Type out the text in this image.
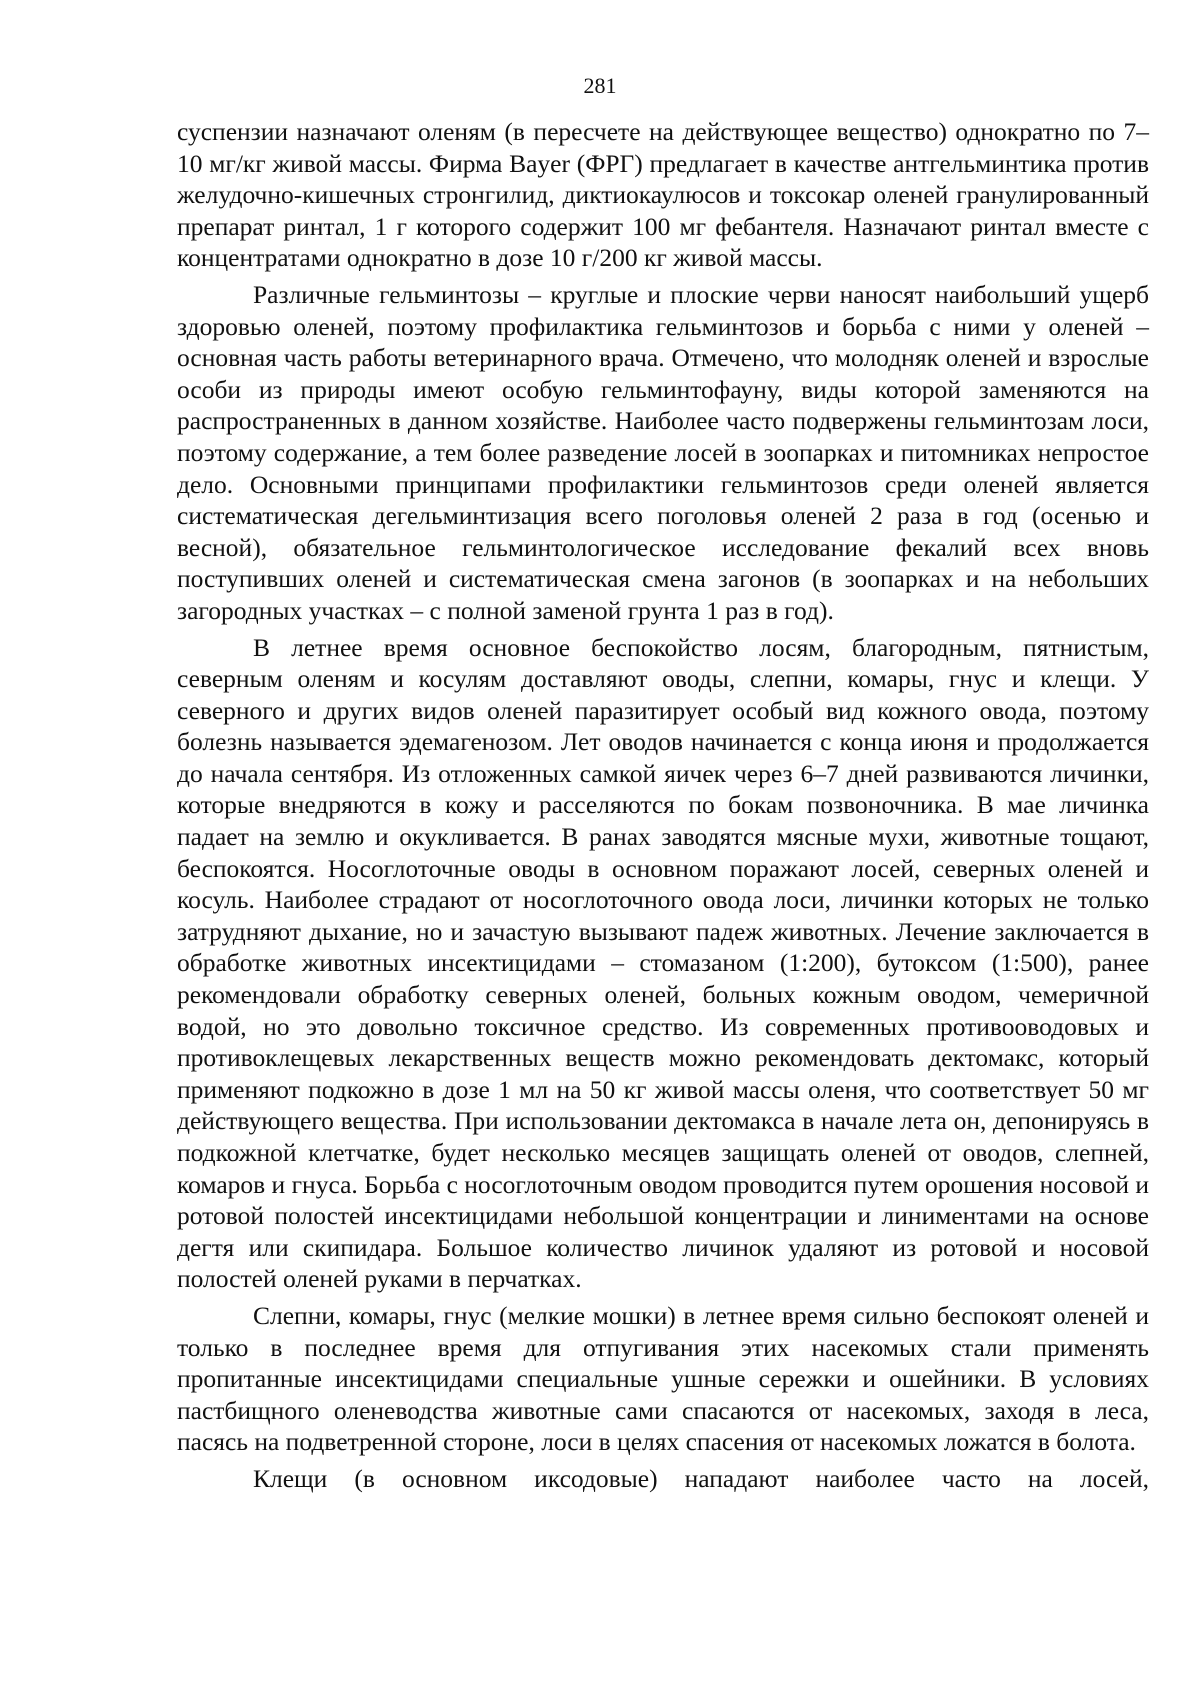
281

суспензии назначают оленям (в пересчете на действующее вещество) однократно по 7–10 мг/кг живой массы. Фирма Bayer (ФРГ) предлагает в качестве антгельминтика против желудочно-кишечных стронгилид, диктиокаулюсов и токсокар оленей гранулированный препарат ринтал, 1 г которого содержит 100 мг фебантеля. Назначают ринтал вместе с концентратами однократно в дозе 10 г/200 кг живой массы.

Различные гельминтозы – круглые и плоские черви наносят наибольший ущерб здоровью оленей, поэтому профилактика гельминтозов и борьба с ними у оленей – основная часть работы ветеринарного врача. Отмечено, что молодняк оленей и взрослые особи из природы имеют особую гельминтофауну, виды которой заменяются на распространенных в данном хозяйстве. Наиболее часто подвержены гельминтозам лоси, поэтому содержание, а тем более разведение лосей в зоопарках и питомниках непростое дело. Основными принципами профилактики гельминтозов среди оленей является систематическая дегельминтизация всего поголовья оленей 2 раза в год (осенью и весной), обязательное гельминтологическое исследование фекалий всех вновь поступивших оленей и систематическая смена загонов (в зоопарках и на небольших загородных участках – с полной заменой грунта 1 раз в год).

В летнее время основное беспокойство лосям, благородным, пятнистым, северным оленям и косулям доставляют оводы, слепни, комары, гнус и клещи. У северного и других видов оленей паразитирует особый вид кожного овода, поэтому болезнь называется эдемагенозом. Лет оводов начинается с конца июня и продолжается до начала сентября. Из отложенных самкой яичек через 6–7 дней развиваются личинки, которые внедряются в кожу и расселяются по бокам позвоночника. В мае личинка падает на землю и окукливается. В ранах заводятся мясные мухи, животные тощают, беспокоятся. Носоглоточные оводы в основном поражают лосей, северных оленей и косуль. Наиболее страдают от носоглоточного овода лоси, личинки которых не только затрудняют дыхание, но и зачастую вызывают падеж животных. Лечение заключается в обработке животных инсектицидами – стомазаном (1:200), бутоксом (1:500), ранее рекомендовали обработку северных оленей, больных кожным оводом, чемеричной водой, но это довольно токсичное средство. Из современных противооводовых и противоклещевых лекарственных веществ можно рекомендовать дектомакс, который применяют подкожно в дозе 1 мл на 50 кг живой массы оленя, что соответствует 50 мг действующего вещества. При использовании дектомакса в начале лета он, депонируясь в подкожной клетчатке, будет несколько месяцев защищать оленей от оводов, слепней, комаров и гнуса. Борьба с носоглоточным оводом проводится путем орошения носовой и ротовой полостей инсектицидами небольшой концентрации и линиментами на основе дегтя или скипидара. Большое количество личинок удаляют из ротовой и носовой полостей оленей руками в перчатках.

Слепни, комары, гнус (мелкие мошки) в летнее время сильно беспокоят оленей и только в последнее время для отпугивания этих насекомых стали применять пропитанные инсектицидами специальные ушные сережки и ошейники. В условиях пастбищного оленеводства животные сами спасаются от насекомых, заходя в леса, пасясь на подветренной стороне, лоси в целях спасения от насекомых ложатся в болота.

Клещи (в основном иксодовые) нападают наиболее часто на лосей,
